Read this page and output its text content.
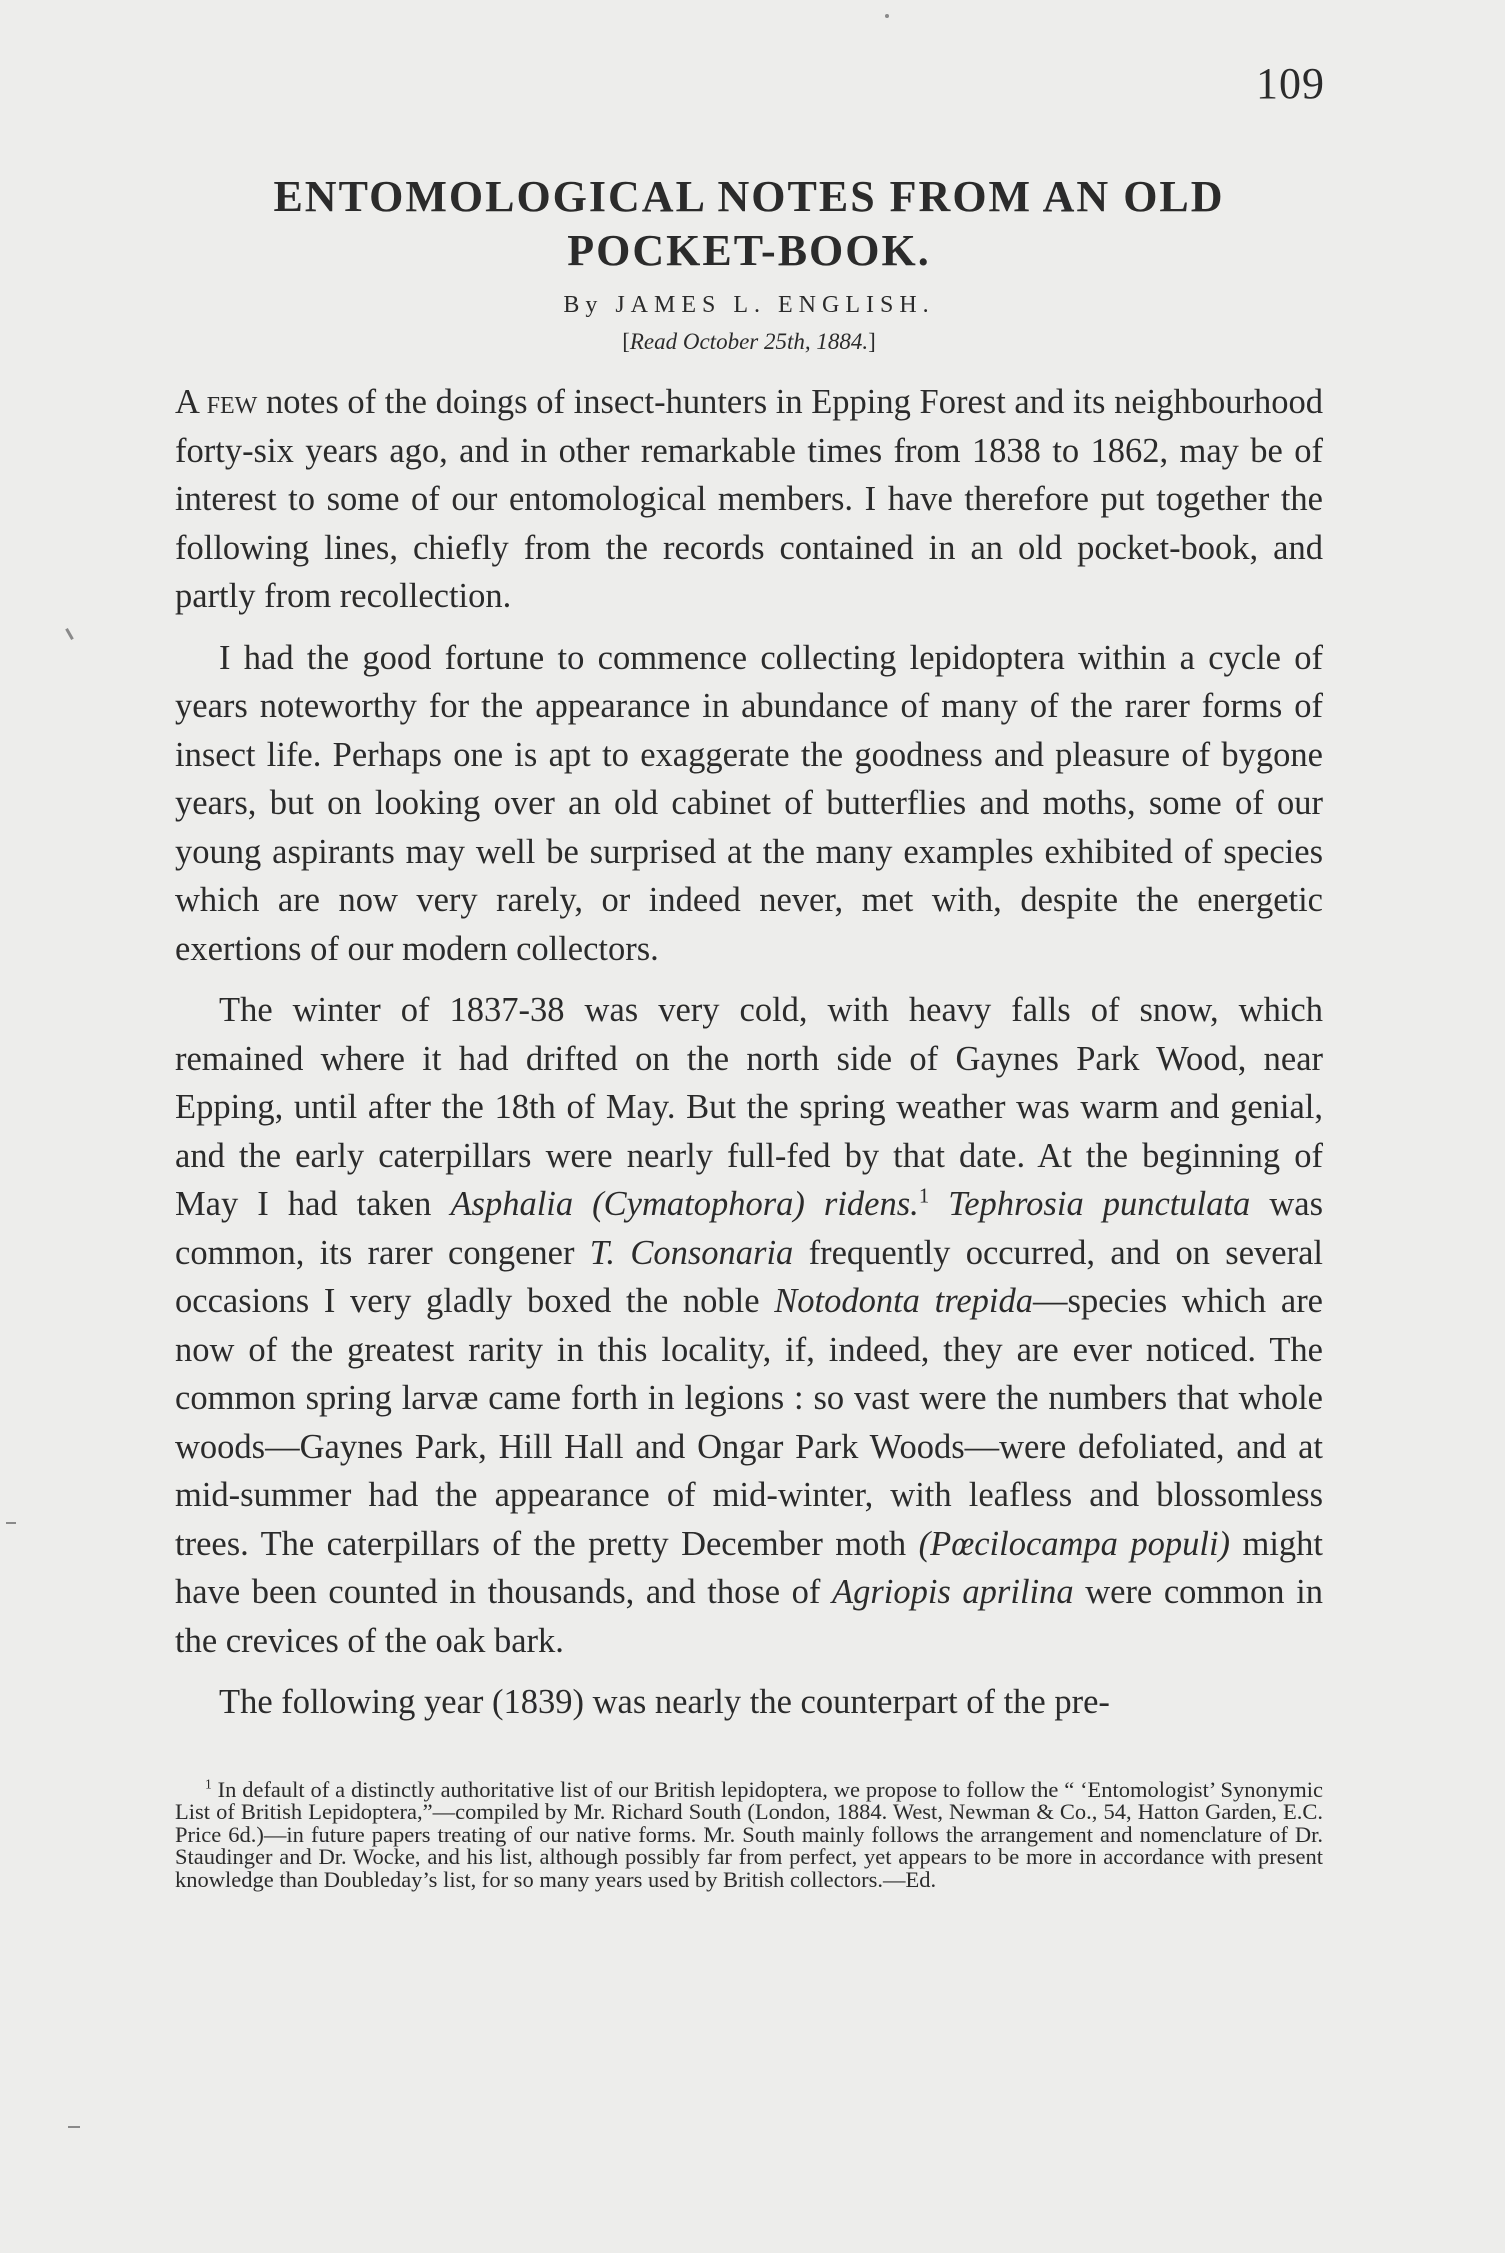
109
ENTOMOLOGICAL NOTES FROM AN OLD
POCKET-BOOK.
By JAMES L. ENGLISH.
[Read October 25th, 1884.]

A few notes of the doings of insect-hunters in Epping Forest and its neighbourhood forty-six years ago, and in other remarkable times from 1838 to 1862, may be of interest to some of our entomological members. I have therefore put together the following lines, chiefly from the records contained in an old pocket-book, and partly from recollection.

I had the good fortune to commence collecting lepidoptera within a cycle of years noteworthy for the appearance in abundance of many of the rarer forms of insect life. Perhaps one is apt to exaggerate the goodness and pleasure of bygone years, but on looking over an old cabinet of butterflies and moths, some of our young aspirants may well be surprised at the many examples exhibited of species which are now very rarely, or indeed never, met with, despite the energetic exertions of our modern collectors.

The winter of 1837-38 was very cold, with heavy falls of snow, which remained where it had drifted on the north side of Gaynes Park Wood, near Epping, until after the 18th of May. But the spring weather was warm and genial, and the early caterpillars were nearly full-fed by that date. At the beginning of May I had taken Asphalia (Cymatophora) ridens.$^1$ Tephrosia punctulata was common, its rarer congener T. Consonaria frequently occurred, and on several occasions I very gladly boxed the noble Notodonta trepida—species which are now of the greatest rarity in this locality, if, indeed, they are ever noticed. The common spring larvæ came forth in legions : so vast were the numbers that whole woods—Gaynes Park, Hill Hall and Ongar Park Woods—were defoliated, and at mid-summer had the appearance of mid-winter, with leafless and blossomless trees. The caterpillars of the pretty December moth (Pœcilocampa populi) might have been counted in thousands, and those of Agriopis aprilina were common in the crevices of the oak bark.

The following year (1839) was nearly the counterpart of the pre-

$^1$ In default of a distinctly authoritative list of our British lepidoptera, we propose to follow the “ ‘Entomologist’ Synonymic List of British Lepidoptera,”—compiled by Mr. Richard South (London, 1884. West, Newman & Co., 54, Hatton Garden, E.C. Price 6d.)—in future papers treating of our native forms. Mr. South mainly follows the arrangement and nomenclature of Dr. Staudinger and Dr. Wocke, and his list, although possibly far from perfect, yet appears to be more in accordance with present knowledge than Doubleday’s list, for so many years used by British collectors.—Ed.
